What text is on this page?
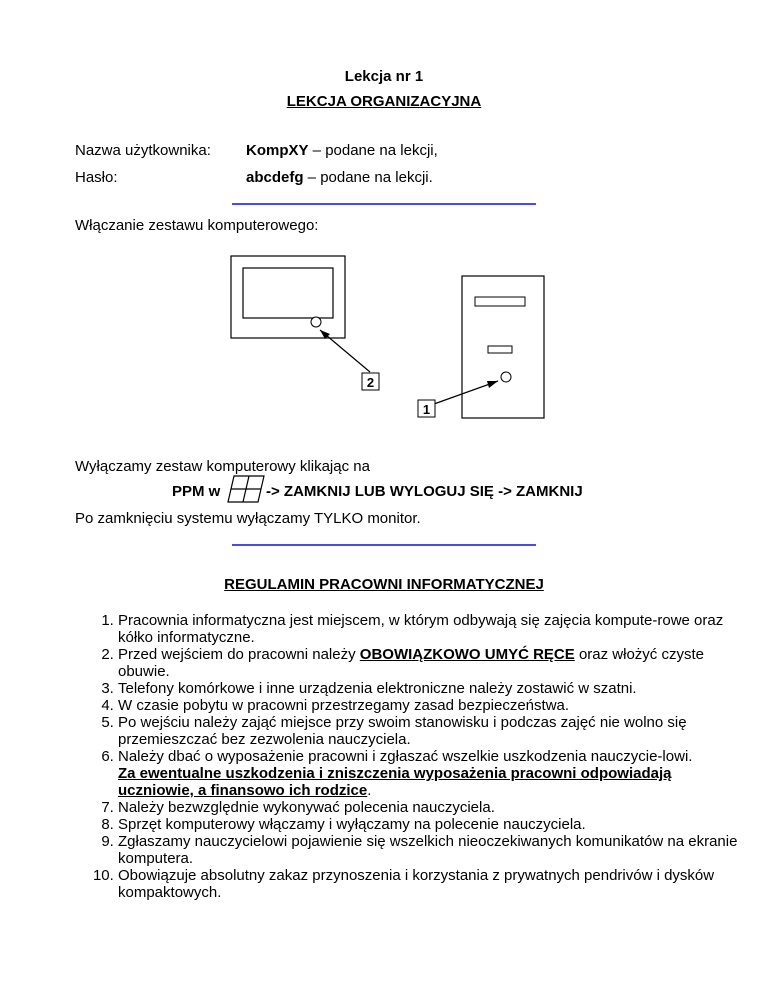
Lekcja nr 1
LEKCJA ORGANIZACYJNA
Nazwa użytkownika: KompXY – podane na lekcji,
Hasło:	abcdefg – podane na lekcji.
Włączanie zestawu komputerowego:
2
1
Wyłączamy zestaw komputerowy klikając na
PPM w	-> ZAMKNIJ LUB WYLOGUJ SIĘ -> ZAMKNIJ
Po zamknięciu systemu wyłączamy TYLKO monitor.
REGULAMIN PRACOWNI INFORMATYCZNEJ
1. Pracownia informatyczna jest miejscem, w którym odbywają się zajęcia kompute-rowe oraz kółko informatyczne.
2. Przed wejściem do pracowni należy OBOWIĄZKOWO UMYĆ RĘCE oraz włożyć czyste obuwie.
3. Telefony komórkowe i inne urządzenia elektroniczne należy zostawić w szatni.
4. W czasie pobytu w pracowni przestrzegamy zasad bezpieczeństwa.
5. Po wejściu należy zająć miejsce przy swoim stanowisku i podczas zajęć nie wolno się przemieszczać bez zezwolenia nauczyciela.
6. Należy dbać o wyposażenie pracowni i zgłaszać wszelkie uszkodzenia nauczycie-lowi.
Za ewentualne uszkodzenia i zniszczenia wyposażenia pracowni odpowiadają uczniowie, a finansowo ich rodzice.
7. Należy bezwzględnie wykonywać polecenia nauczyciela.
8. Sprzęt komputerowy włączamy i wyłączamy na polecenie nauczyciela.
9. Zgłaszamy nauczycielowi pojawienie się wszelkich nieoczekiwanych komunikatów na ekranie komputera.
10. Obowiązuje absolutny zakaz przynoszenia i korzystania z prywatnych pendrivów i dysków kompaktowych.
